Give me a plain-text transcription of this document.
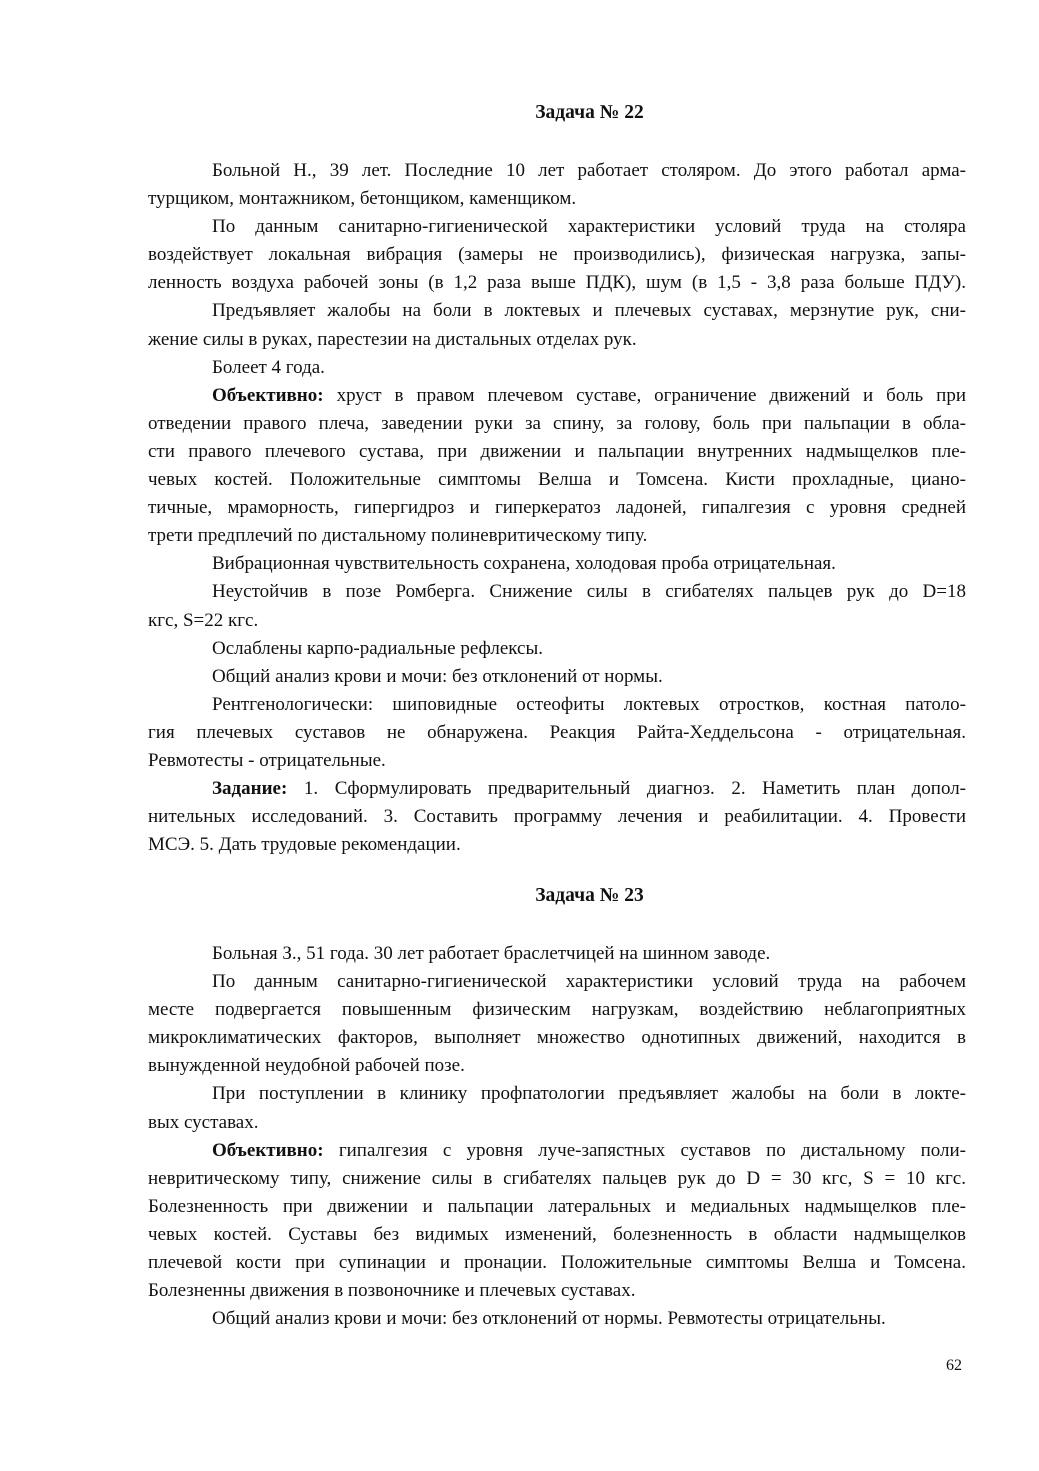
Задача № 22
Больной Н., 39 лет. Последние 10 лет работает столяром. До этого работал арма-
турщиком, монтажником, бетонщиком, каменщиком.
По данным санитарно-гигиенической характеристики условий труда на столяра
воздействует локальная вибрация (замеры не производились), физическая нагрузка, запы-
ленность воздуха рабочей зоны (в 1,2 раза выше ПДК), шум (в 1,5 - 3,8 раза больше ПДУ).
Предъявляет жалобы на боли в локтевых и плечевых суставах, мерзнутие рук, сни-
жение силы в руках, парестезии на дистальных отделах рук.
Болеет 4 года.
Объективно: хруст в правом плечевом суставе, ограничение движений и боль при
отведении правого плеча, заведении руки за спину, за голову, боль при пальпации в обла-
сти правого плечевого сустава, при движении и пальпации внутренних надмыщелков пле-
чевых костей. Положительные симптомы Велша и Томсена. Кисти прохладные, циано-
тичные, мраморность, гипергидроз и гиперкератоз ладоней, гипалгезия с уровня средней
трети предплечий по дистальному полиневритическому типу.
Вибрационная чувствительность сохранена, холодовая проба отрицательная.
Неустойчив в позе Ромберга. Снижение силы в сгибателях пальцев рук до D=18
кгс, S=22 кгс.
Ослаблены карпо-радиальные рефлексы.
Общий анализ крови и мочи: без отклонений от нормы.
Рентгенологически: шиповидные остеофиты локтевых отростков, костная патоло-
гия плечевых суставов не обнаружена. Реакция Райта-Хеддельсона - отрицательная.
Ревмотесты - отрицательные.
Задание: 1. Сформулировать предварительный диагноз. 2. Наметить план допол-
нительных исследований. 3. Составить программу лечения и реабилитации. 4. Провести
МСЭ. 5. Дать трудовые рекомендации.
Задача № 23
Больная З., 51 года. 30 лет работает браслетчицей на шинном заводе.
По данным санитарно-гигиенической характеристики условий труда на рабочем
месте подвергается повышенным физическим нагрузкам, воздействию неблагоприятных
микроклиматических факторов, выполняет множество однотипных движений, находится в
вынужденной неудобной рабочей позе.
При поступлении в клинику профпатологии предъявляет жалобы на боли в локте-
вых суставах.
Объективно: гипалгезия с уровня луче-запястных суставов по дистальному поли-
невритическому типу, снижение силы в сгибателях пальцев рук до D = 30 кгс, S = 10 кгс.
Болезненность при движении и пальпации латеральных и медиальных надмыщелков пле-
чевых костей. Суставы без видимых изменений, болезненность в области надмыщелков
плечевой кости при супинации и пронации. Положительные симптомы Велша и Томсена.
Болезненны движения в позвоночнике и плечевых суставах.
Общий анализ крови и мочи: без отклонений от нормы. Ревмотесты отрицательны.
62
